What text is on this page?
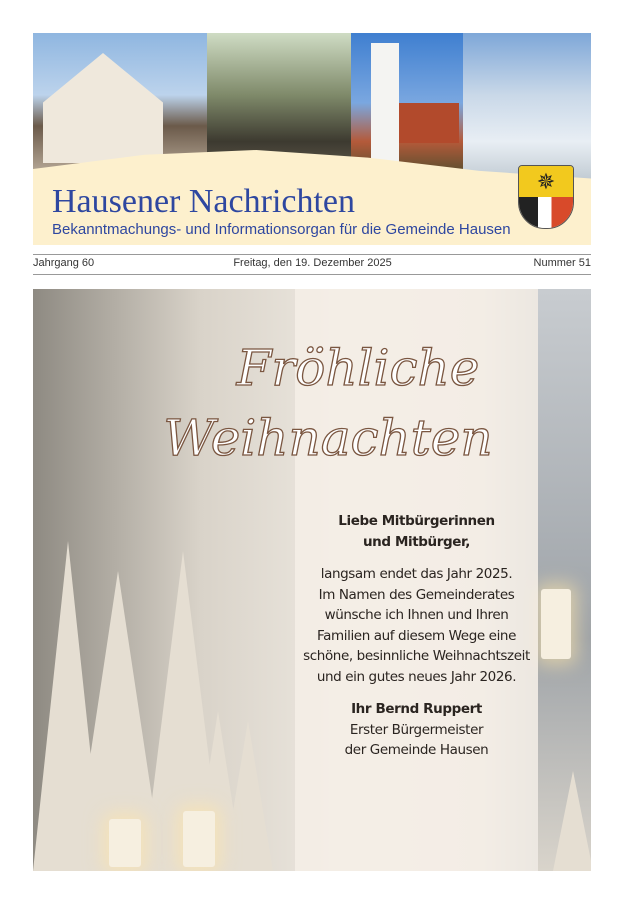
Hausener Nachrichten
Bekanntmachungs- und Informationsorgan für die Gemeinde Hausen
✵
Jahrgang 60	Freitag, den 19. Dezember 2025	Nummer 51
Fröhliche
Weihnachten
Liebe Mitbürgerinnen
und Mitbürger,
langsam endet das Jahr 2025.
Im Namen des Gemeinderates
wünsche ich Ihnen und Ihren
Familien auf diesem Wege eine
schöne, besinnliche Weihnachtszeit
und ein gutes neues Jahr 2026.
Ihr Bernd Ruppert
Erster Bürgermeister
der Gemeinde Hausen
